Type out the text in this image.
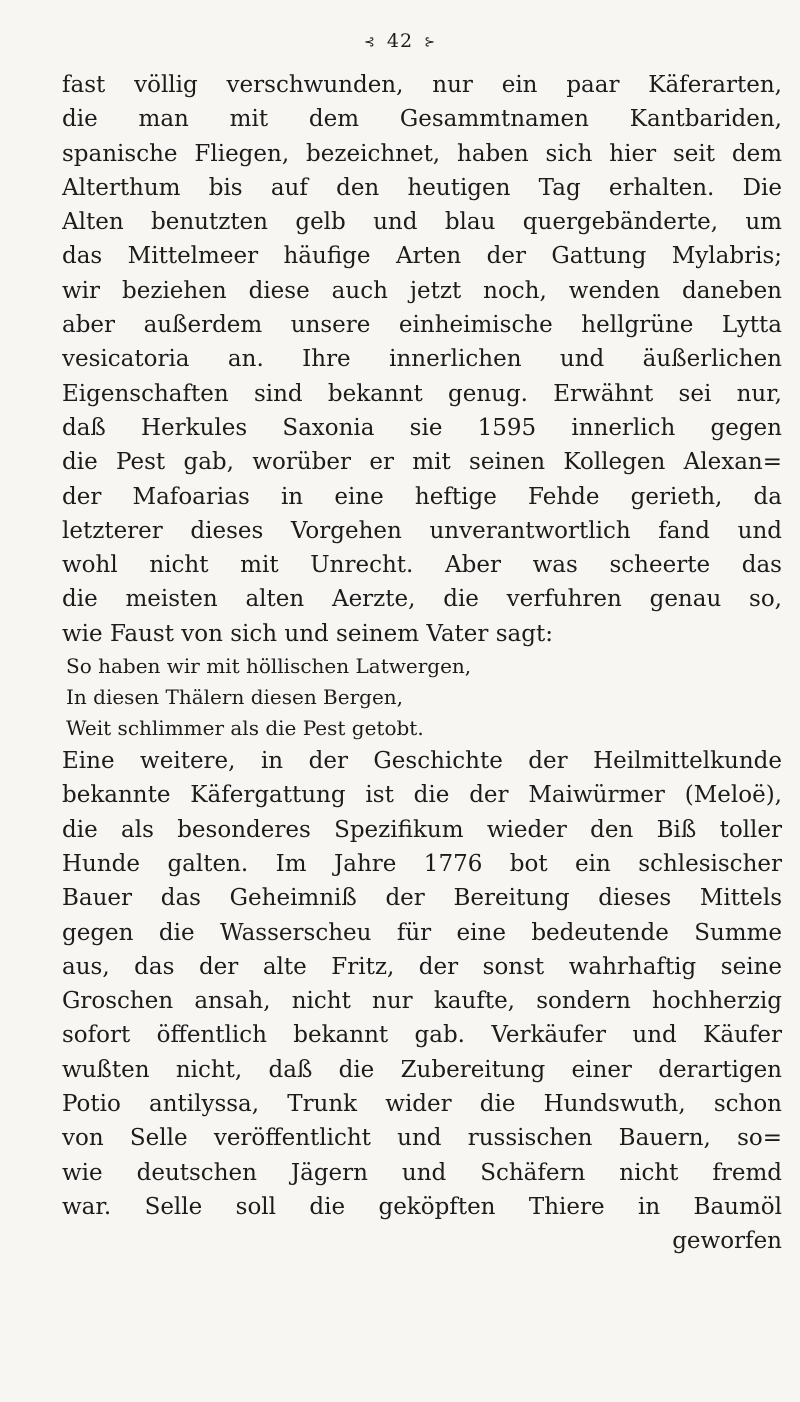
⊰ 42 ⊱
fast völlig verschwunden, nur ein paar Käferarten,
die man mit dem Gesammtnamen Kantbariden,
spanische Fliegen, bezeichnet, haben sich hier seit dem
Alterthum bis auf den heutigen Tag erhalten. Die
Alten benutzten gelb und blau quergebänderte, um
das Mittelmeer häufige Arten der Gattung Mylabris;
wir beziehen diese auch jetzt noch, wenden daneben
aber außerdem unsere einheimische hellgrüne Lytta
vesicatoria an. Ihre innerlichen und äußerlichen
Eigenschaften sind bekannt genug. Erwähnt sei nur,
daß Herkules Saxonia sie 1595 innerlich gegen
die Pest gab, worüber er mit seinen Kollegen Alexan=
der Mafoarias in eine heftige Fehde gerieth, da
letzterer dieses Vorgehen unverantwortlich fand und
wohl nicht mit Unrecht. Aber was scheerte das
die meisten alten Aerzte, die verfuhren genau so,
wie Faust von sich und seinem Vater sagt:
So haben wir mit höllischen Latwergen,
In diesen Thälern diesen Bergen,
Weit schlimmer als die Pest getobt.
Eine weitere, in der Geschichte der Heilmittelkunde
bekannte Käfergattung ist die der Maiwürmer (Meloë),
die als besonderes Spezifikum wieder den Biß toller
Hunde galten. Im Jahre 1776 bot ein schlesischer
Bauer das Geheimniß der Bereitung dieses Mittels
gegen die Wasserscheu für eine bedeutende Summe
aus, das der alte Fritz, der sonst wahrhaftig seine
Groschen ansah, nicht nur kaufte, sondern hochherzig
sofort öffentlich bekannt gab. Verkäufer und Käufer
wußten nicht, daß die Zubereitung einer derartigen
Potio antilyssa, Trunk wider die Hundswuth, schon
von Selle veröffentlicht und russischen Bauern, so=
wie deutschen Jägern und Schäfern nicht fremd
war. Selle soll die geköpften Thiere in Baumöl
geworfen
